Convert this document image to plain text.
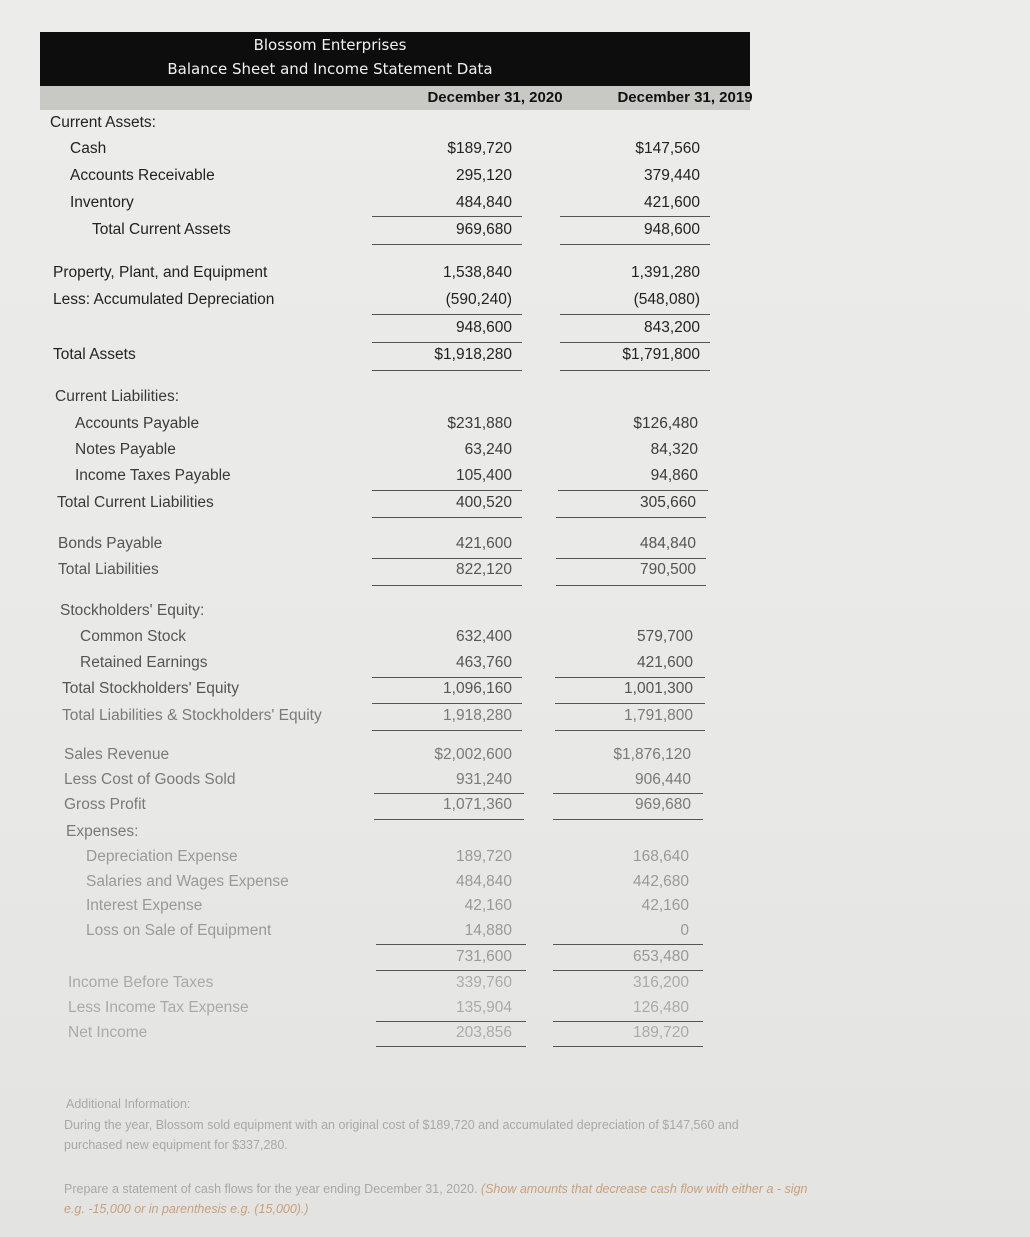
Blossom Enterprises
Balance Sheet and Income Statement Data
December 31, 2020	December 31, 2019
Current Assets:
Cash	$189,720	$147,560
Accounts Receivable	295,120	379,440
Inventory	484,840	421,600
Total Current Assets	969,680	948,600
Property, Plant, and Equipment	1,538,840	1,391,280
Less: Accumulated Depreciation	(590,240)	(548,080)
948,600	843,200
Total Assets	$1,918,280	$1,791,800
Current Liabilities:
Accounts Payable	$231,880	$126,480
Notes Payable	63,240	84,320
Income Taxes Payable	105,400	94,860
Total Current Liabilities	400,520	305,660
Bonds Payable	421,600	484,840
Total Liabilities	822,120	790,500
Stockholders' Equity:
Common Stock	632,400	579,700
Retained Earnings	463,760	421,600
Total Stockholders' Equity	1,096,160	1,001,300
Total Liabilities & Stockholders' Equity	1,918,280	1,791,800
Sales Revenue	$2,002,600	$1,876,120
Less Cost of Goods Sold	931,240	906,440
Gross Profit	1,071,360	969,680
Expenses:
Depreciation Expense	189,720	168,640
Salaries and Wages Expense	484,840	442,680
Interest Expense	42,160	42,160
Loss on Sale of Equipment	14,880	0
731,600	653,480
Income Before Taxes	339,760	316,200
Less Income Tax Expense	135,904	126,480
Net Income	203,856	189,720
Additional Information:
During the year, Blossom sold equipment with an original cost of $189,720 and accumulated depreciation of $147,560 and
purchased new equipment for $337,280.
Prepare a statement of cash flows for the year ending December 31, 2020. (Show amounts that decrease cash flow with either a - sign
e.g. -15,000 or in parenthesis e.g. (15,000).)
